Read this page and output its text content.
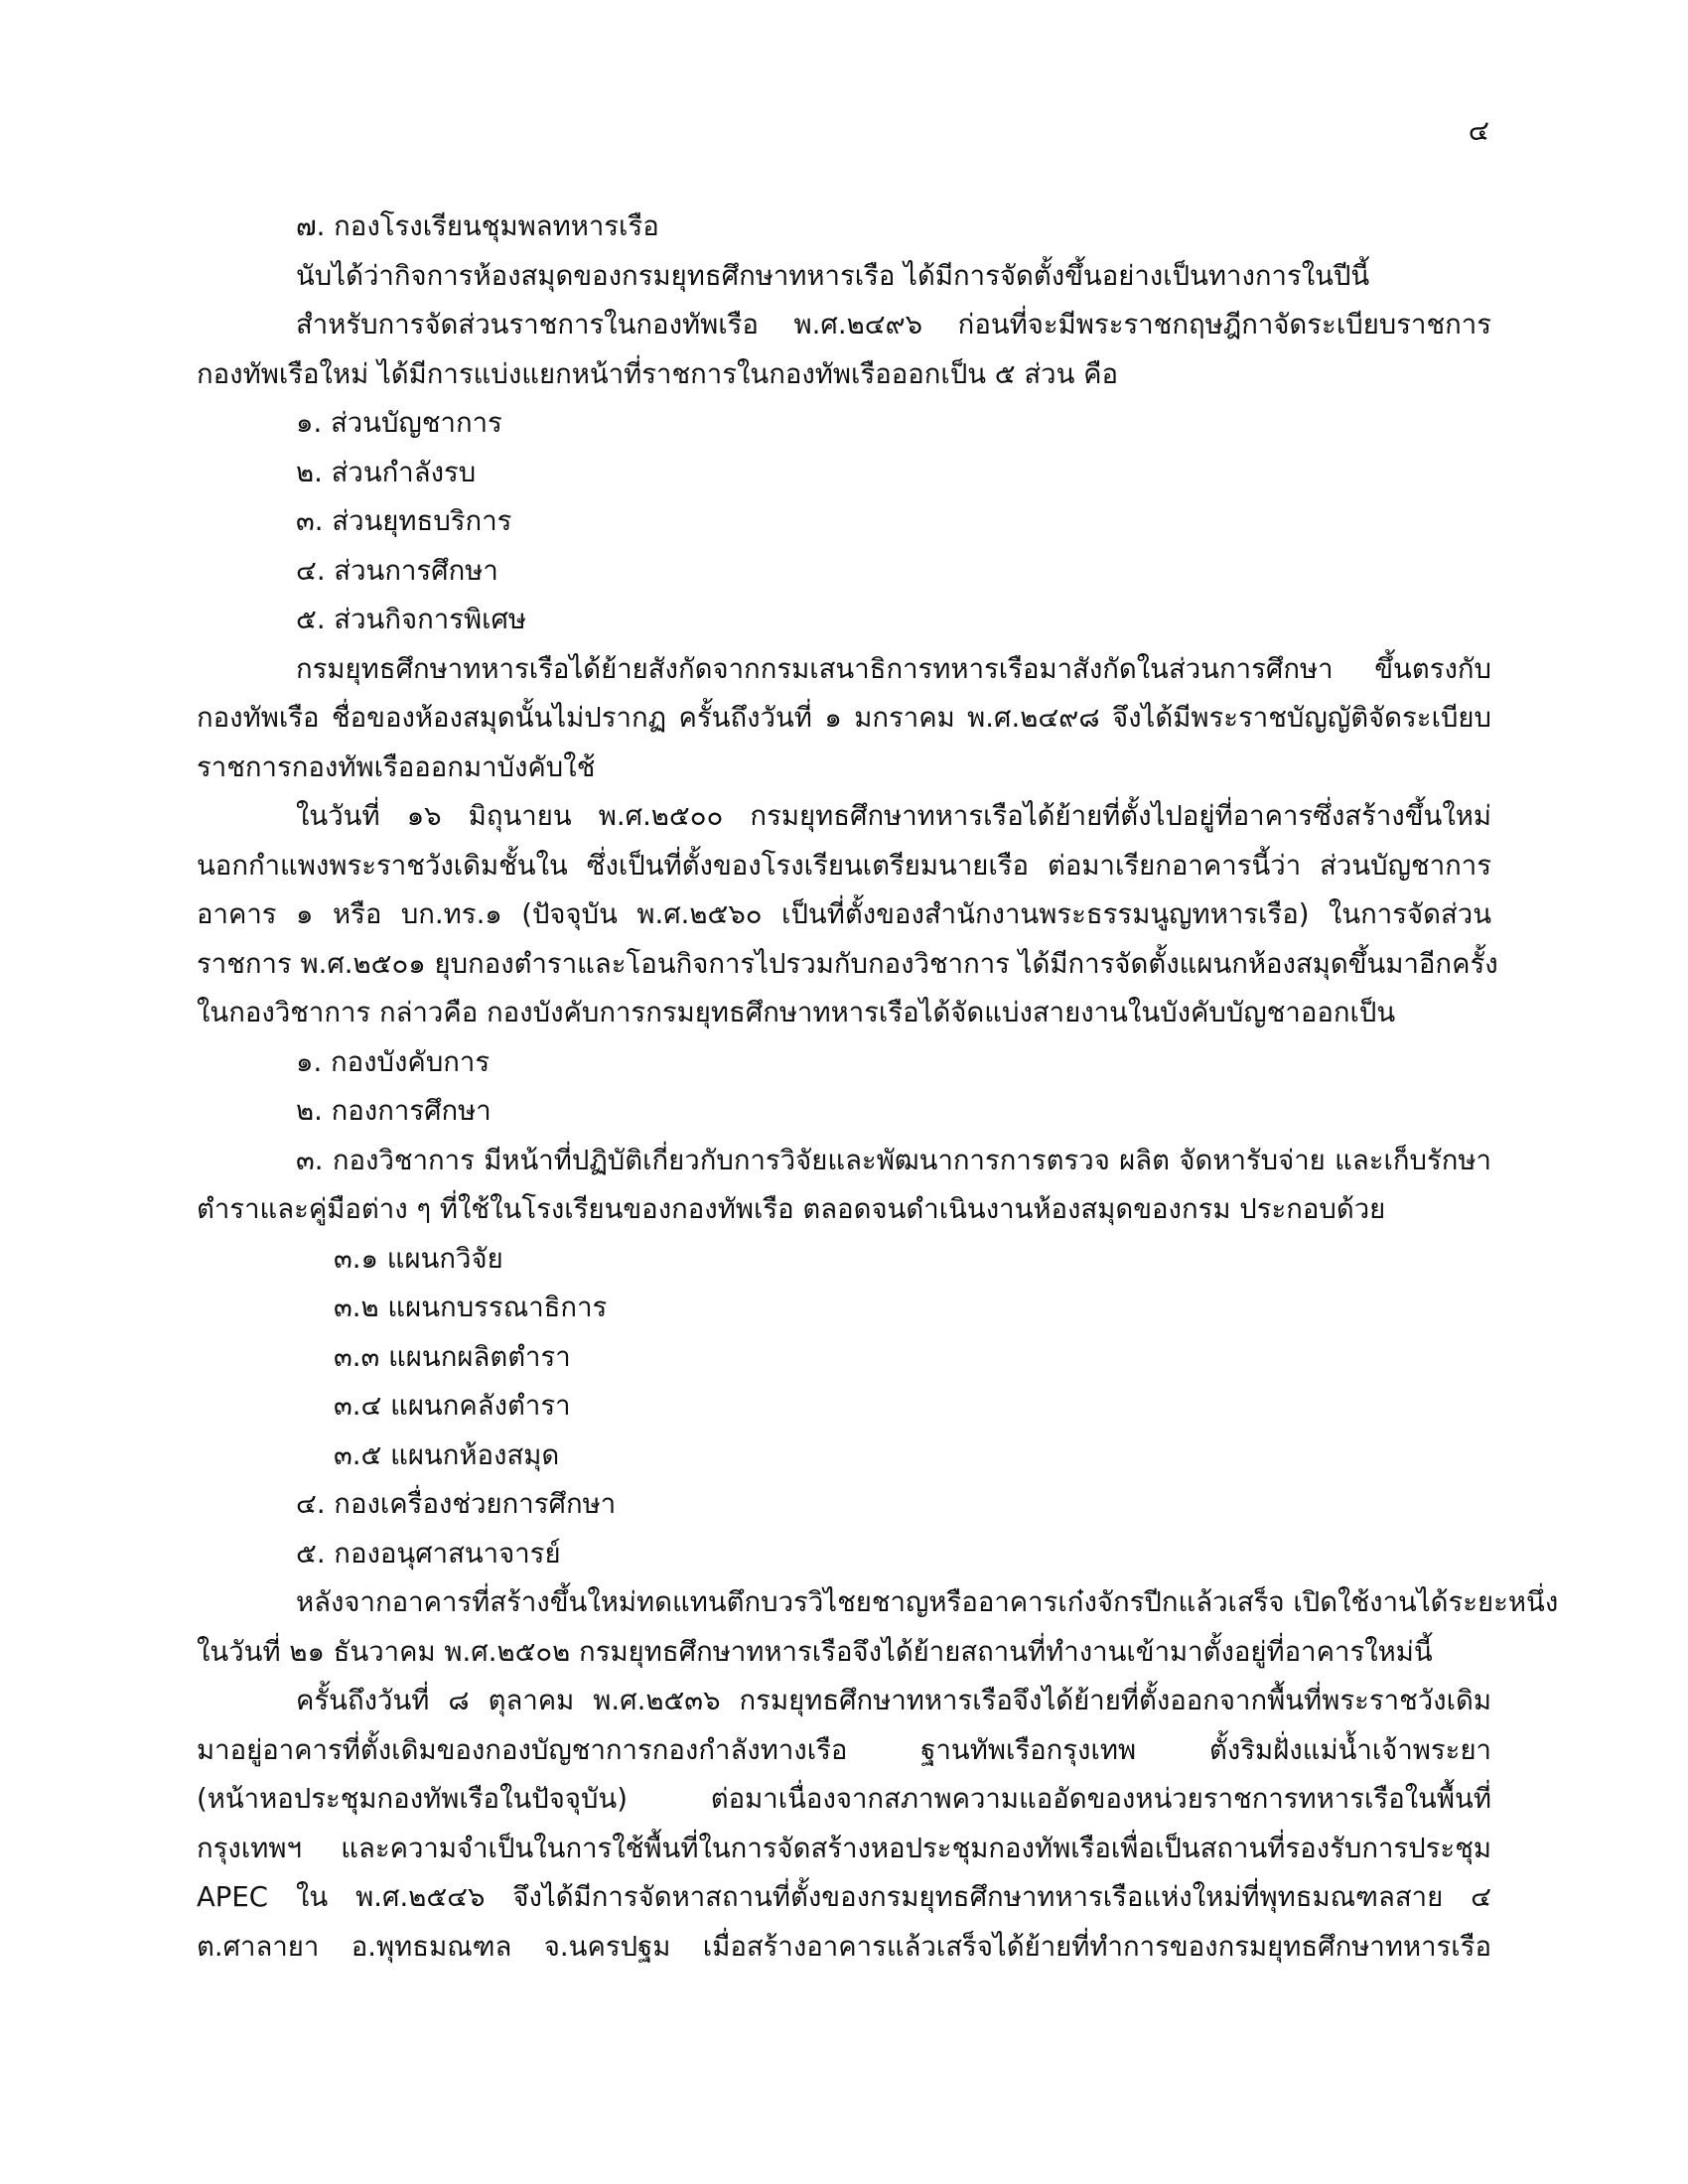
๔
๗. กองโรงเรียนชุมพลทหารเรือ
นับได้ว่ากิจการห้องสมุดของกรมยุทธศึกษาทหารเรือ ได้มีการจัดตั้งขึ้นอย่างเป็นทางการในปีนี้
สำหรับการจัดส่วนราชการในกองทัพเรือ พ.ศ.๒๔๙๖ ก่อนที่จะมีพระราชกฤษฎีกาจัดระเบียบราชการ
กองทัพเรือใหม่ ได้มีการแบ่งแยกหน้าที่ราชการในกองทัพเรือออกเป็น ๕ ส่วน คือ
๑. ส่วนบัญชาการ
๒. ส่วนกำลังรบ
๓. ส่วนยุทธบริการ
๔. ส่วนการศึกษา
๕. ส่วนกิจการพิเศษ
กรมยุทธศึกษาทหารเรือได้ย้ายสังกัดจากกรมเสนาธิการทหารเรือมาสังกัดในส่วนการศึกษา ขึ้นตรงกับ
กองทัพเรือ ชื่อของห้องสมุดนั้นไม่ปรากฏ ครั้นถึงวันที่ ๑ มกราคม พ.ศ.๒๔๙๘ จึงได้มีพระราชบัญญัติจัดระเบียบ
ราชการกองทัพเรือออกมาบังคับใช้
ในวันที่ ๑๖ มิถุนายน พ.ศ.๒๕๐๐ กรมยุทธศึกษาทหารเรือได้ย้ายที่ตั้งไปอยู่ที่อาคารซึ่งสร้างขึ้นใหม่
นอกกำแพงพระราชวังเดิมชั้นใน ซึ่งเป็นที่ตั้งของโรงเรียนเตรียมนายเรือ ต่อมาเรียกอาคารนี้ว่า ส่วนบัญชาการ
อาคาร ๑ หรือ บก.ทร.๑ (ปัจจุบัน พ.ศ.๒๕๖๐ เป็นที่ตั้งของสำนักงานพระธรรมนูญทหารเรือ) ในการจัดส่วน
ราชการ พ.ศ.๒๕๐๑ ยุบกองตำราและโอนกิจการไปรวมกับกองวิชาการ ได้มีการจัดตั้งแผนกห้องสมุดขึ้นมาอีกครั้ง
ในกองวิชาการ กล่าวคือ กองบังคับการกรมยุทธศึกษาทหารเรือได้จัดแบ่งสายงานในบังคับบัญชาออกเป็น
๑. กองบังคับการ
๒. กองการศึกษา
๓. กองวิชาการ มีหน้าที่ปฏิบัติเกี่ยวกับการวิจัยและพัฒนาการการตรวจ ผลิต จัดหารับจ่าย และเก็บรักษา
ตำราและคู่มือต่าง ๆ ที่ใช้ในโรงเรียนของกองทัพเรือ ตลอดจนดำเนินงานห้องสมุดของกรม ประกอบด้วย
๓.๑ แผนกวิจัย
๓.๒ แผนกบรรณาธิการ
๓.๓ แผนกผลิตตำรา
๓.๔ แผนกคลังตำรา
๓.๕ แผนกห้องสมุด
๔. กองเครื่องช่วยการศึกษา
๕. กองอนุศาสนาจารย์
หลังจากอาคารที่สร้างขึ้นใหม่ทดแทนตึกบวรวิไชยชาญหรืออาคารเก๋งจักรปีกแล้วเสร็จ เปิดใช้งานได้ระยะหนึ่ง
ในวันที่ ๒๑ ธันวาคม พ.ศ.๒๕๐๒ กรมยุทธศึกษาทหารเรือจึงได้ย้ายสถานที่ทำงานเข้ามาตั้งอยู่ที่อาคารใหม่นี้
ครั้นถึงวันที่ ๘ ตุลาคม พ.ศ.๒๕๓๖ กรมยุทธศึกษาทหารเรือจึงได้ย้ายที่ตั้งออกจากพื้นที่พระราชวังเดิม
มาอยู่อาคารที่ตั้งเดิมของกองบัญชาการกองกำลังทางเรือ ฐานทัพเรือกรุงเทพ ตั้งริมฝั่งแม่น้ำเจ้าพระยา
(หน้าหอประชุมกองทัพเรือในปัจจุบัน) ต่อมาเนื่องจากสภาพความแออัดของหน่วยราชการทหารเรือในพื้นที่
กรุงเทพฯ และความจำเป็นในการใช้พื้นที่ในการจัดสร้างหอประชุมกองทัพเรือเพื่อเป็นสถานที่รองรับการประชุม
APEC ใน พ.ศ.๒๕๔๖ จึงได้มีการจัดหาสถานที่ตั้งของกรมยุทธศึกษาทหารเรือแห่งใหม่ที่พุทธมณฑลสาย ๔
ต.ศาลายา อ.พุทธมณฑล จ.นครปฐม เมื่อสร้างอาคารแล้วเสร็จได้ย้ายที่ทำการของกรมยุทธศึกษาทหารเรือ
